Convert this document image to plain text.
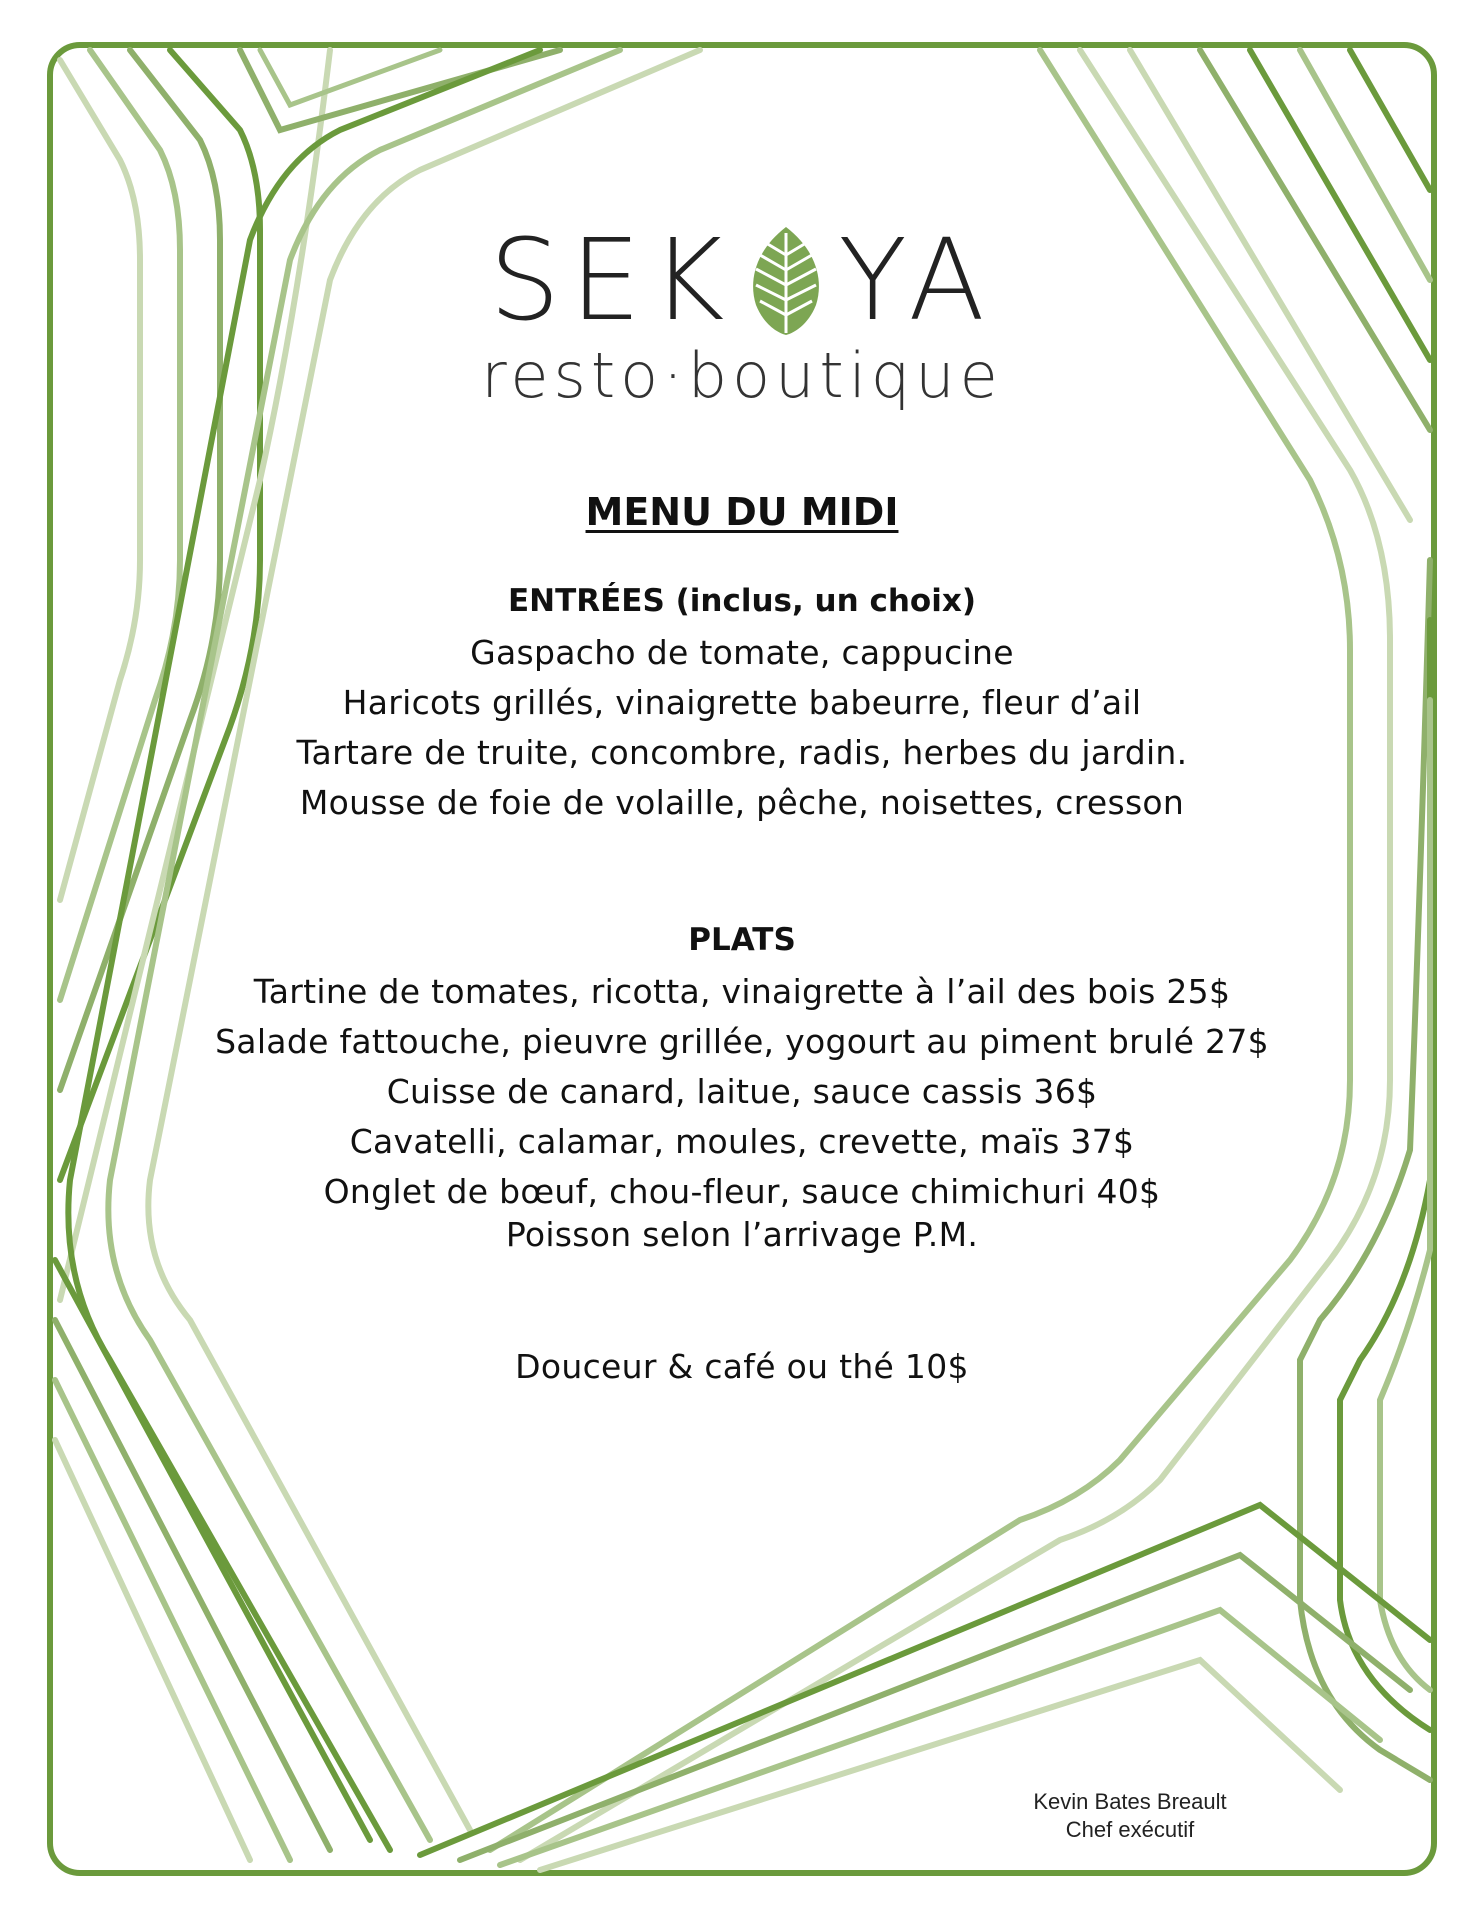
SEK YA
resto·boutique
MENU DU MIDI
ENTRÉES (inclus, un choix)
Gaspacho de tomate, cappucine
Haricots grillés, vinaigrette babeurre, fleur d’ail
Tartare de truite, concombre, radis, herbes du jardin.
Mousse de foie de volaille, pêche, noisettes, cresson
PLATS
Tartine de tomates, ricotta, vinaigrette à l’ail des bois 25$
Salade fattouche, pieuvre grillée, yogourt au piment brulé 27$
Cuisse de canard, laitue, sauce cassis 36$
Cavatelli, calamar, moules, crevette, maïs 37$
Onglet de bœuf, chou-fleur, sauce chimichuri 40$
Poisson selon l’arrivage P.M.
Douceur & café ou thé 10$
Kevin Bates Breault
Chef exécutif
